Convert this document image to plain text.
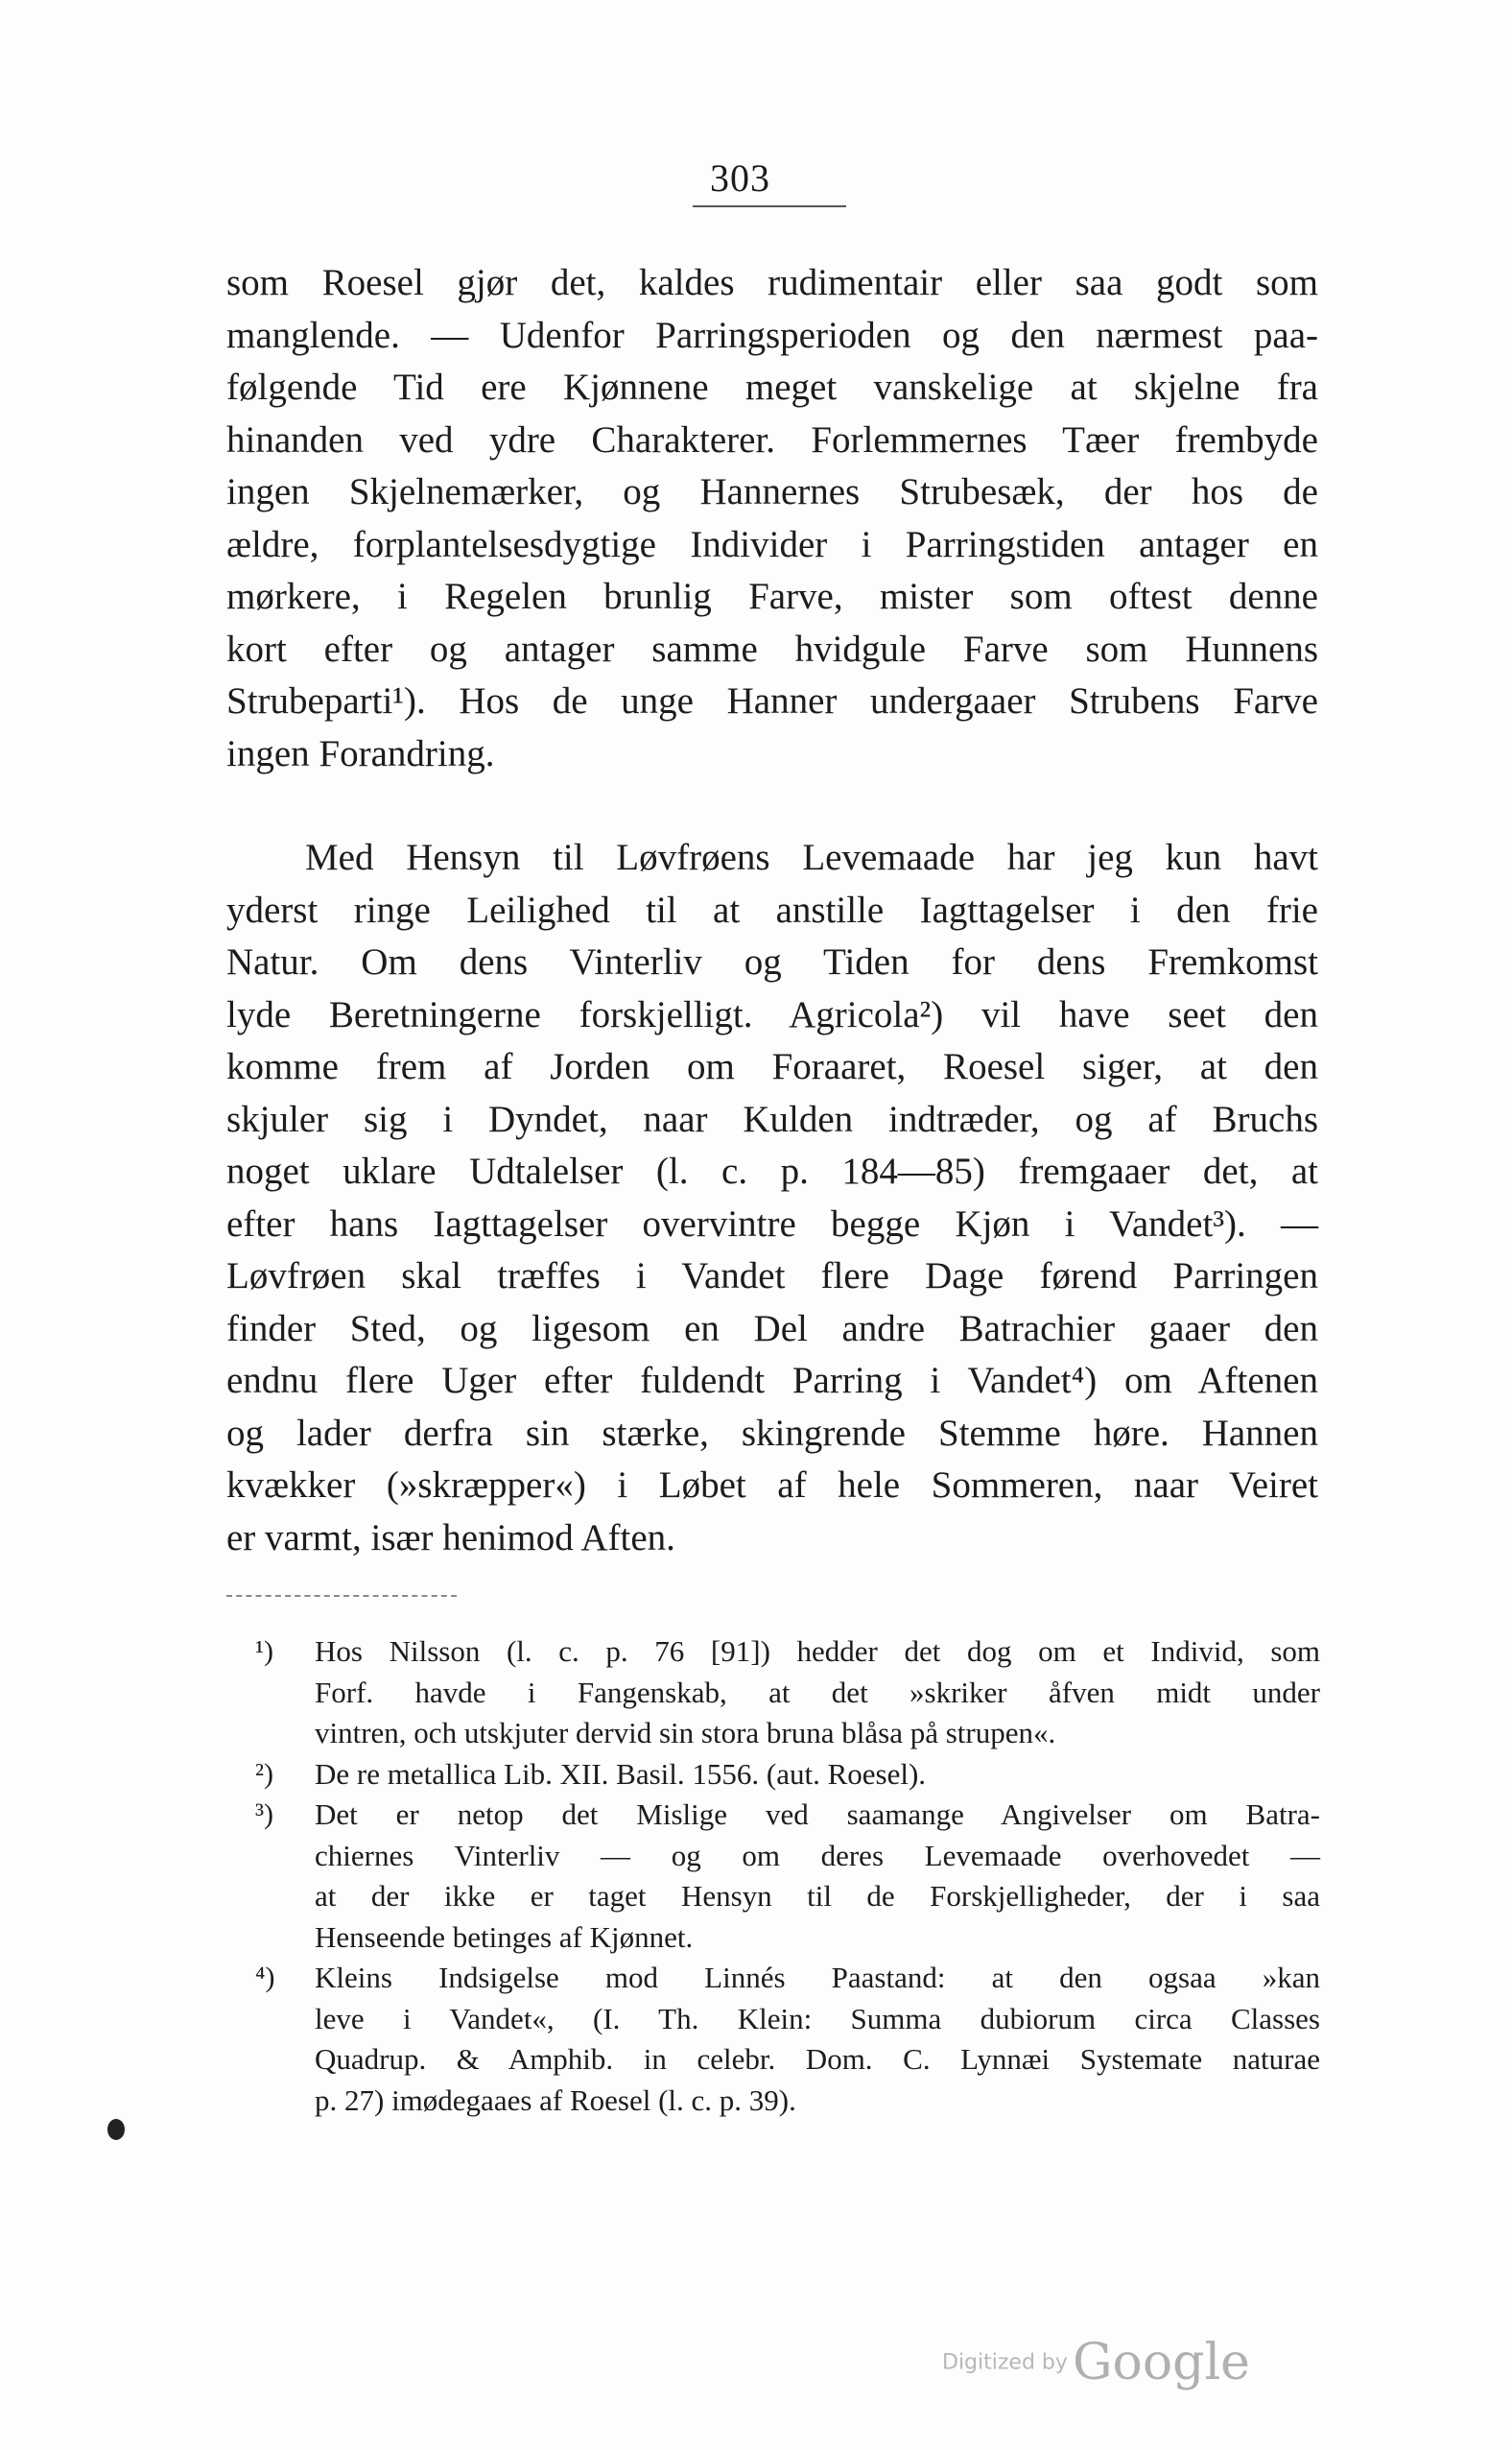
303
som Roesel gjør det, kaldes rudimentair eller saa godt som
manglende. — Udenfor Parringsperioden og den nærmest paa-
følgende Tid ere Kjønnene meget vanskelige at skjelne fra
hinanden ved ydre Charakterer. Forlemmernes Tæer frembyde
ingen Skjelnemærker, og Hannernes Strubesæk, der hos de
ældre, forplantelsesdygtige Individer i Parringstiden antager en
mørkere, i Regelen brunlig Farve, mister som oftest denne
kort efter og antager samme hvidgule Farve som Hunnens
Strubeparti¹). Hos de unge Hanner undergaaer Strubens Farve
ingen Forandring.
Med Hensyn til Løvfrøens Levemaade har jeg kun havt
yderst ringe Leilighed til at anstille Iagttagelser i den frie
Natur. Om dens Vinterliv og Tiden for dens Fremkomst
lyde Beretningerne forskjelligt. Agricola²) vil have seet den
komme frem af Jorden om Foraaret, Roesel siger, at den
skjuler sig i Dyndet, naar Kulden indtræder, og af Bruchs
noget uklare Udtalelser (l. c. p. 184—85) fremgaaer det, at
efter hans Iagttagelser overvintre begge Kjøn i Vandet³). —
Løvfrøen skal træffes i Vandet flere Dage førend Parringen
finder Sted, og ligesom en Del andre Batrachier gaaer den
endnu flere Uger efter fuldendt Parring i Vandet⁴) om Aftenen
og lader derfra sin stærke, skingrende Stemme høre. Hannen
kvækker (»skræpper«) i Løbet af hele Sommeren, naar Veiret
er varmt, især henimod Aften.
¹) Hos Nilsson (l. c. p. 76 [91]) hedder det dog om et Individ, som
Forf. havde i Fangenskab, at det »skriker åfven midt under
vintren, och utskjuter dervid sin stora bruna blåsa på strupen«.
²) De re metallica Lib. XII. Basil. 1556. (aut. Roesel).
³) Det er netop det Mislige ved saamange Angivelser om Batra-
chiernes Vinterliv — og om deres Levemaade overhovedet —
at der ikke er taget Hensyn til de Forskjelligheder, der i saa
Henseende betinges af Kjønnet.
⁴) Kleins Indsigelse mod Linnés Paastand: at den ogsaa »kan
leve i Vandet«, (I. Th. Klein: Summa dubiorum circa Classes
Quadrup. & Amphib. in celebr. Dom. C. Lynnæi Systemate naturae
p. 27) imødegaaes af Roesel (l. c. p. 39).
Digitized by Google
